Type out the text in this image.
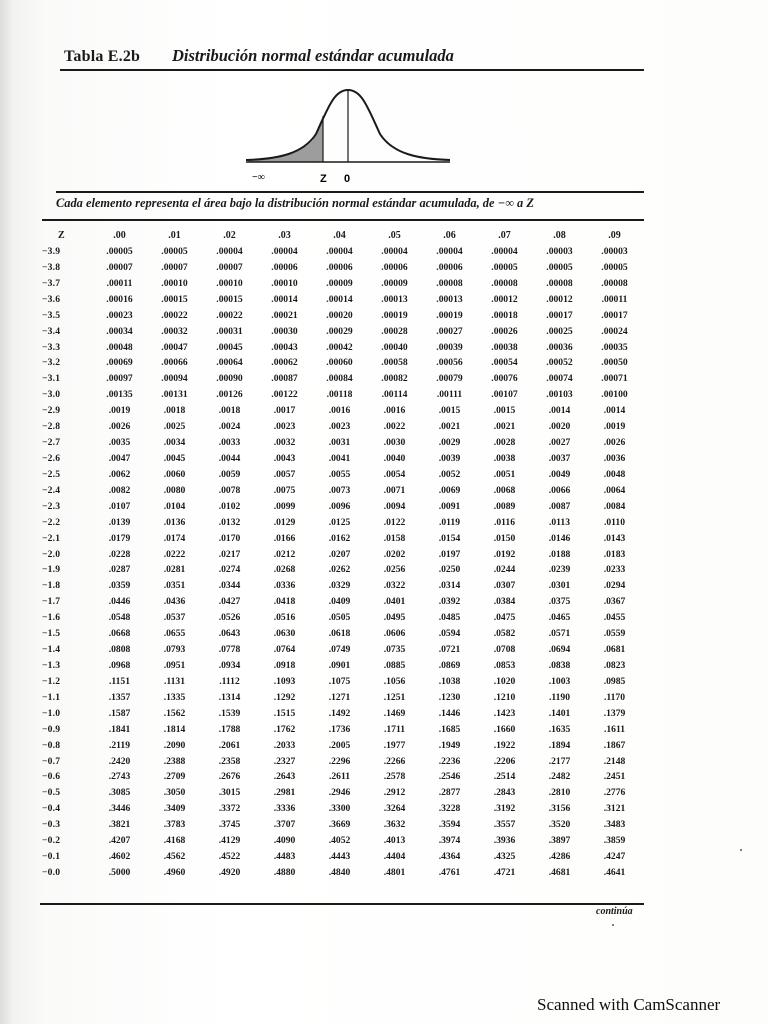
Tabla E.2b Distribución normal estándar acumulada
−∞	Z 0
Cada elemento representa el área bajo la distribución normal estándar acumulada, de −∞ a Z
Z	.00	.01	.02	.03	.04	.05	.06	.07	.08	.09
−3.9	.00005	.00005	.00004	.00004	.00004	.00004	.00004	.00004	.00003	.00003
−3.8	.00007	.00007	.00007	.00006	.00006	.00006	.00006	.00005	.00005	.00005
−3.7	.00011	.00010	.00010	.00010	.00009	.00009	.00008	.00008	.00008	.00008
−3.6	.00016	.00015	.00015	.00014	.00014	.00013	.00013	.00012	.00012	.00011
−3.5	.00023	.00022	.00022	.00021	.00020	.00019	.00019	.00018	.00017	.00017
−3.4	.00034	.00032	.00031	.00030	.00029	.00028	.00027	.00026	.00025	.00024
−3.3	.00048	.00047	.00045	.00043	.00042	.00040	.00039	.00038	.00036	.00035
−3.2	.00069	.00066	.00064	.00062	.00060	.00058	.00056	.00054	.00052	.00050
−3.1	.00097	.00094	.00090	.00087	.00084	.00082	.00079	.00076	.00074	.00071
−3.0	.00135	.00131	.00126	.00122	.00118	.00114	.00111	.00107	.00103	.00100
−2.9	.0019	.0018	.0018	.0017	.0016	.0016	.0015	.0015	.0014	.0014
−2.8	.0026	.0025	.0024	.0023	.0023	.0022	.0021	.0021	.0020	.0019
−2.7	.0035	.0034	.0033	.0032	.0031	.0030	.0029	.0028	.0027	.0026
−2.6	.0047	.0045	.0044	.0043	.0041	.0040	.0039	.0038	.0037	.0036
−2.5	.0062	.0060	.0059	.0057	.0055	.0054	.0052	.0051	.0049	.0048
−2.4	.0082	.0080	.0078	.0075	.0073	.0071	.0069	.0068	.0066	.0064
−2.3	.0107	.0104	.0102	.0099	.0096	.0094	.0091	.0089	.0087	.0084
−2.2	.0139	.0136	.0132	.0129	.0125	.0122	.0119	.0116	.0113	.0110
−2.1	.0179	.0174	.0170	.0166	.0162	.0158	.0154	.0150	.0146	.0143
−2.0	.0228	.0222	.0217	.0212	.0207	.0202	.0197	.0192	.0188	.0183
−1.9	.0287	.0281	.0274	.0268	.0262	.0256	.0250	.0244	.0239	.0233
−1.8	.0359	.0351	.0344	.0336	.0329	.0322	.0314	.0307	.0301	.0294
−1.7	.0446	.0436	.0427	.0418	.0409	.0401	.0392	.0384	.0375	.0367
−1.6	.0548	.0537	.0526	.0516	.0505	.0495	.0485	.0475	.0465	.0455
−1.5	.0668	.0655	.0643	.0630	.0618	.0606	.0594	.0582	.0571	.0559
−1.4	.0808	.0793	.0778	.0764	.0749	.0735	.0721	.0708	.0694	.0681
−1.3	.0968	.0951	.0934	.0918	.0901	.0885	.0869	.0853	.0838	.0823
−1.2	.1151	.1131	.1112	.1093	.1075	.1056	.1038	.1020	.1003	.0985
−1.1	.1357	.1335	.1314	.1292	.1271	.1251	.1230	.1210	.1190	.1170
−1.0	.1587	.1562	.1539	.1515	.1492	.1469	.1446	.1423	.1401	.1379
−0.9	.1841	.1814	.1788	.1762	.1736	.1711	.1685	.1660	.1635	.1611
−0.8	.2119	.2090	.2061	.2033	.2005	.1977	.1949	.1922	.1894	.1867
−0.7	.2420	.2388	.2358	.2327	.2296	.2266	.2236	.2206	.2177	.2148
−0.6	.2743	.2709	.2676	.2643	.2611	.2578	.2546	.2514	.2482	.2451
−0.5	.3085	.3050	.3015	.2981	.2946	.2912	.2877	.2843	.2810	.2776
−0.4	.3446	.3409	.3372	.3336	.3300	.3264	.3228	.3192	.3156	.3121
−0.3	.3821	.3783	.3745	.3707	.3669	.3632	.3594	.3557	.3520	.3483
−0.2	.4207	.4168	.4129	.4090	.4052	.4013	.3974	.3936	.3897	.3859
−0.1	.4602	.4562	.4522	.4483	.4443	.4404	.4364	.4325	.4286	.4247
−0.0	.5000	.4960	.4920	.4880	.4840	.4801	.4761	.4721	.4681	.4641
continúa
Scanned with CamScanner
